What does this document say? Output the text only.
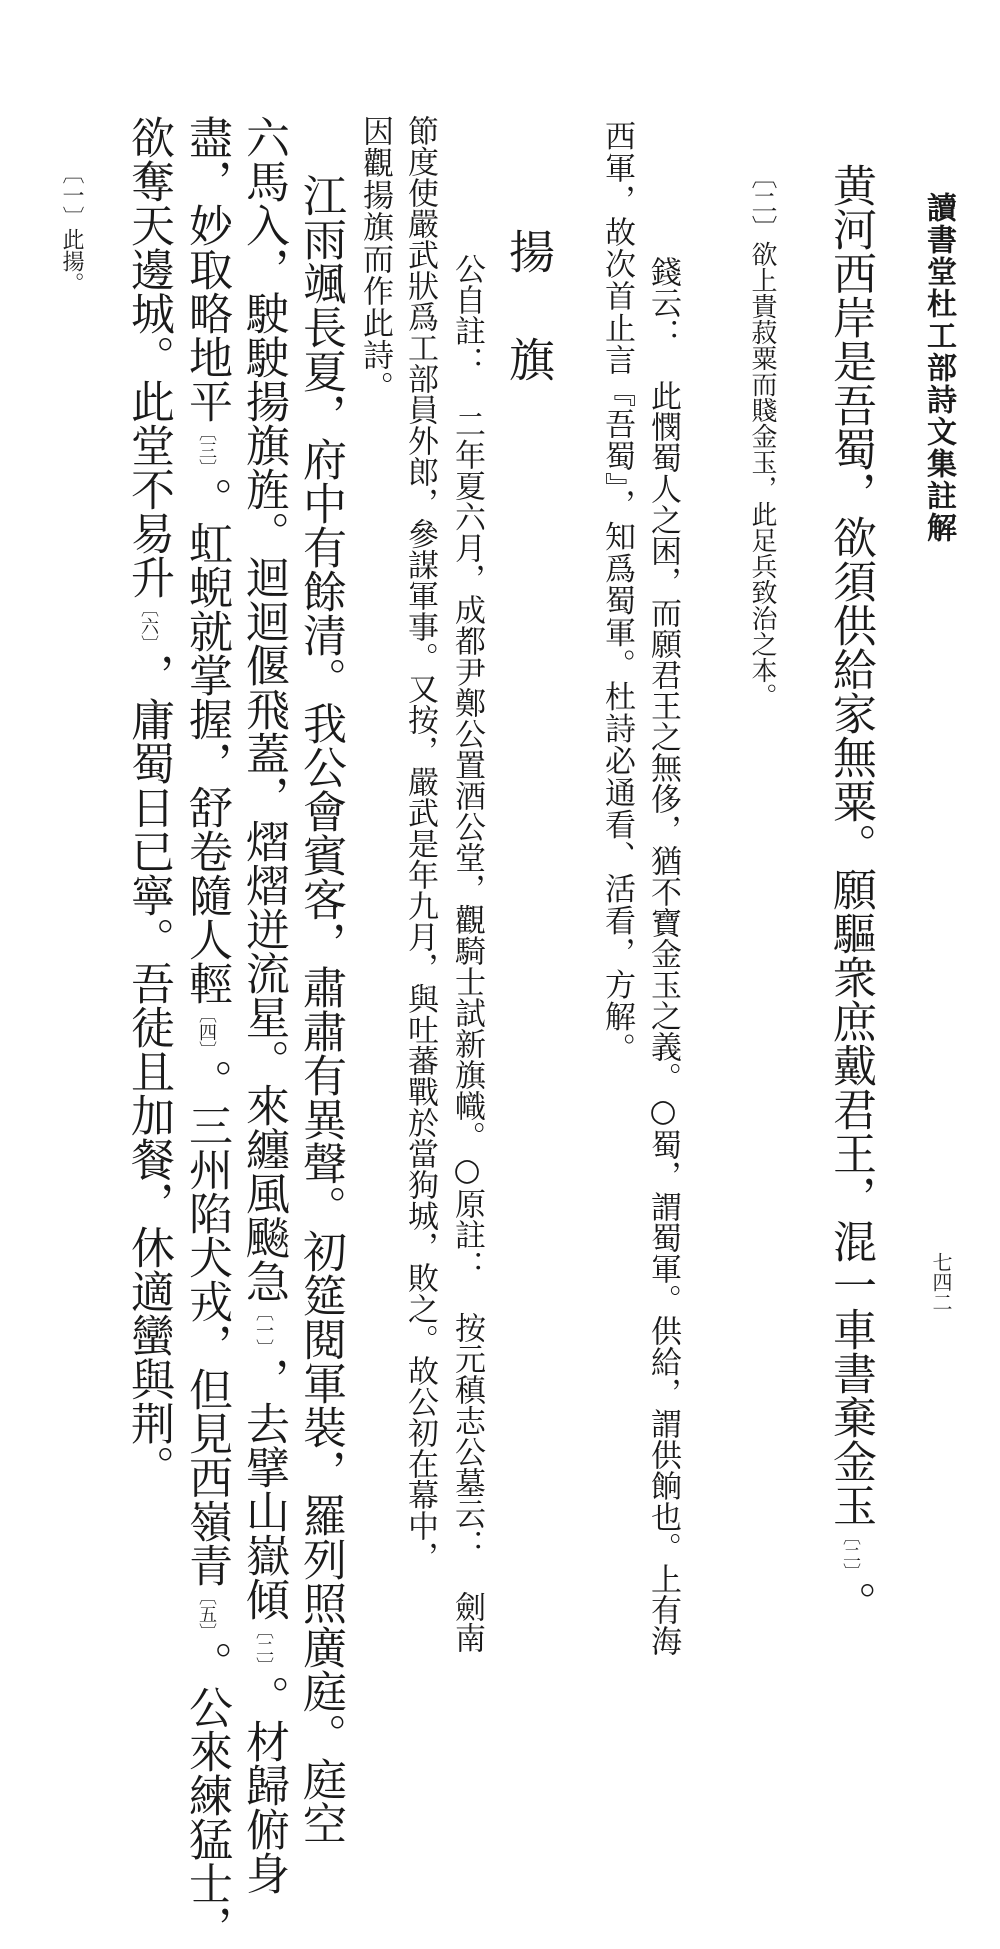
讀書堂杜工部詩文集註解
七四二
黄河西岸是吾蜀，欲須供給家無粟。願驅衆庶戴君王，混一車書棄金玉〔二〕。
〔二〕欲上貴菽粟而賤金玉，此足兵致治之本。
錢云：　此憫蜀人之困，而願君王之無侈，猶不寶金玉之義。○蜀，謂蜀軍。供給，謂供餉也。上有海
西軍，故次首止言『吾蜀』，知爲蜀軍。杜詩必通看、活看，方解。
揚旗
公自註：　二年夏六月，成都尹鄭公置酒公堂，觀騎士試新旗幟。○原註：　按元稹志公墓云：　劍南
節度使嚴武狀爲工部員外郎，參謀軍事。又按，嚴武是年九月，與吐蕃戰於當狗城，敗之。故公初在幕中，
因觀揚旗而作此詩。
江雨颯長夏，府中有餘清。我公會賓客，肅肅有異聲。初筵閱軍裝，羅列照廣庭。庭空
六馬入，駛駛揚旗旌。迴迴偃飛蓋，熠熠迸流星。來纏風飈急〔一〕，去擘山嶽傾〔二〕。材歸俯身
盡，妙取略地平〔三〕。虹蜺就掌握，舒卷隨人輕〔四〕。三州陷犬戎，但見西嶺青〔五〕。公來練猛士，
欲奪天邊城。此堂不易升〔六〕，庸蜀日已寧。吾徒且加餐，休適蠻與荆。
〔一〕此揚。
